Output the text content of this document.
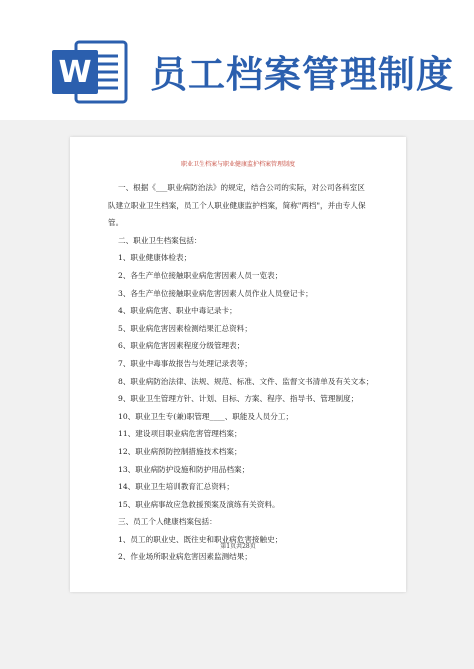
W 员工档案管理制度
职业卫生档案与职业健康监护档案管理制度
一、根据《___职业病防治法》的规定，结合公司的实际，对公司各科室区
队建立职业卫生档案，员工个人职业健康监护档案，简称"两档"，并由专人保
管。
二、职业卫生档案包括：
1、职业健康体检表；
2、各生产单位接触职业病危害因素人员一览表；
3、各生产单位接触职业病危害因素人员作业人员登记卡；
4、职业病危害、职业中毒记录卡；
5、职业病危害因素检测结果汇总资料；
6、职业病危害因素程度分级管理表；
7、职业中毒事故报告与处理记录表等；
8、职业病防治法律、法规、规范、标准、文件、监督文书清单及有关文本；
9、职业卫生管理方针、计划、目标、方案、程序、指导书、管理制度；
10、职业卫生专(兼)职管理____、职能及人员分工；
11、建设项目职业病危害管理档案；
12、职业病预防控制措施技术档案；
13、职业病防护设施和防护用品档案；
14、职业卫生培训教育汇总资料；
15、职业病事故应急救援预案及演练有关资料。
三、员工个人健康档案包括：
1、员工的职业史、既往史和职业病危害接触史；
2、作业场所职业病危害因素监测结果；
第1页共28页
